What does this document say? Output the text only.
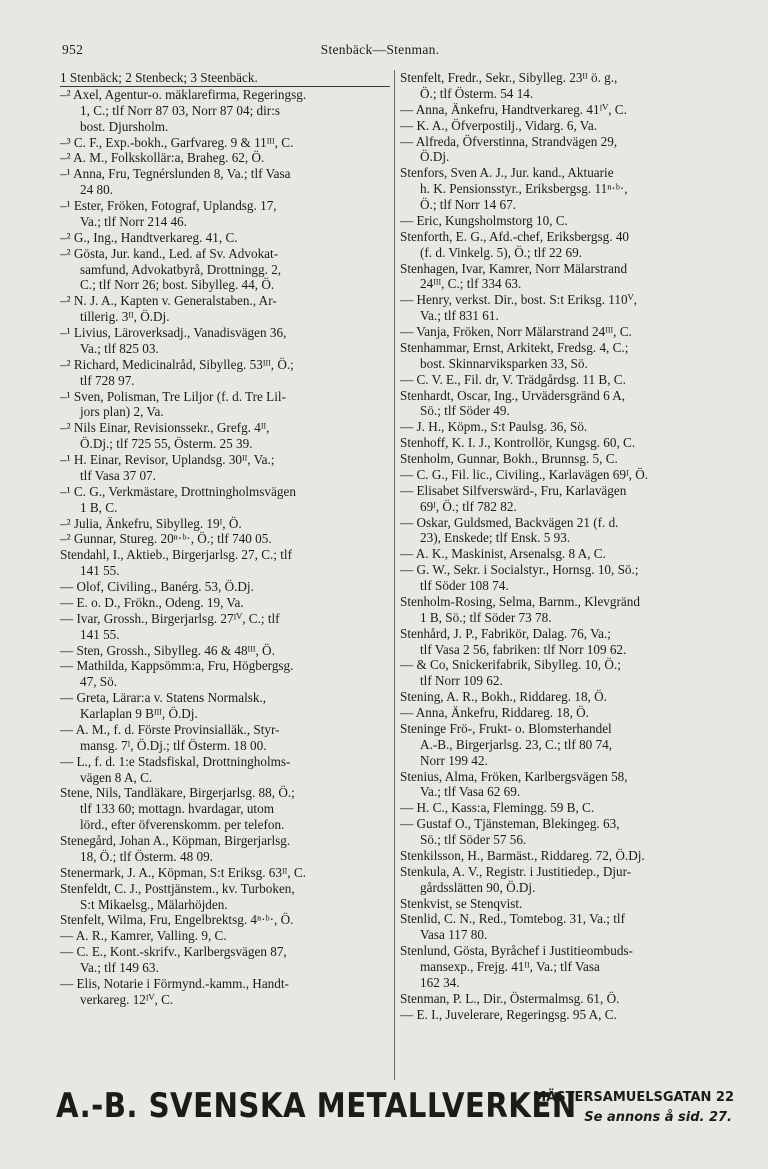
952	Stenbäck—Stenman.
1 Stenbäck; 2 Stenbeck; 3 Steenbäck.
–² Axel, Agentur-o. mäklarefirma, Regeringsg.
1, C.; tlf Norr 87 03, Norr 87 04; dir:s
bost. Djursholm.
–³ C. F., Exp.-bokh., Garfvareg. 9 & 11ᴵᴵᴵ, C.
–² A. M., Folkskollär:a, Braheg. 62, Ö.
–¹ Anna, Fru, Tegnérslunden 8, Va.; tlf Vasa
24 80.
–¹ Ester, Fröken, Fotograf, Uplandsg. 17,
Va.; tlf Norr 214 46.
–² G., Ing., Handtverkareg. 41, C.
–² Gösta, Jur. kand., Led. af Sv. Advokat-
samfund, Advokatbyrå, Drottningg. 2,
C.; tlf Norr 26; bost. Sibylleg. 44, Ö.
–² N. J. A., Kapten v. Generalstaben., Ar-
tillerig. 3ᴵᴵ, Ö.Dj.
–¹ Livius, Läroverksadj., Vanadisvägen 36,
Va.; tlf 825 03.
–² Richard, Medicinalråd, Sibylleg. 53ᴵᴵᴵ, Ö.;
tlf 728 97.
–¹ Sven, Polisman, Tre Liljor (f. d. Tre Lil-
jors plan) 2, Va.
–² Nils Einar, Revisionssekr., Grefg. 4ᴵᴵ,
Ö.Dj.; tlf 725 55, Österm. 25 39.
–¹ H. Einar, Revisor, Uplandsg. 30ᴵᴵ, Va.;
tlf Vasa 37 07.
–¹ C. G., Verkmästare, Drottningholmsvägen
1 B, C.
–² Julia, Änkefru, Sibylleg. 19ᴵ, Ö.
–² Gunnar, Stureg. 20ⁿ·ᵇ·, Ö.; tlf 740 05.
Stendahl, I., Aktieb., Birgerjarlsg. 27, C.; tlf
141 55.
— Olof, Civiling., Banérg. 53, Ö.Dj.
— E. o. D., Frökn., Odeng. 19, Va.
— Ivar, Grossh., Birgerjarlsg. 27ᴵⱽ, C.; tlf
141 55.
— Sten, Grossh., Sibylleg. 46 & 48ᴵᴵᴵ, Ö.
— Mathilda, Kappsömm:a, Fru, Högbergsg.
47, Sö.
— Greta, Lärar:a v. Statens Normalsk.,
Karlaplan 9 Bᴵᴵᴵ, Ö.Dj.
— A. M., f. d. Förste Provinsialläk., Styr-
mansg. 7ᴵ, Ö.Dj.; tlf Österm. 18 00.
— L., f. d. 1:e Stadsfiskal, Drottningholms-
vägen 8 A, C.
Stene, Nils, Tandläkare, Birgerjarlsg. 88, Ö.;
tlf 133 60; mottagn. hvardagar, utom
lörd., efter öfverenskomm. per telefon.
Stenegård, Johan A., Köpman, Birgerjarlsg.
18, Ö.; tlf Österm. 48 09.
Stenermark, J. A., Köpman, S:t Eriksg. 63ᴵᴵ, C.
Stenfeldt, C. J., Posttjänstem., kv. Turboken,
S:t Mikaelsg., Mälarhöjden.
Stenfelt, Wilma, Fru, Engelbrektsg. 4ⁿ·ᵇ·, Ö.
— A. R., Kamrer, Valling. 9, C.
— C. E., Kont.-skrifv., Karlbergsvägen 87,
Va.; tlf 149 63.
— Elis, Notarie i Förmynd.-kamm., Handt-
verkareg. 12ᴵⱽ, C.
Stenfelt, Fredr., Sekr., Sibylleg. 23ᴵᴵ ö. g.,
Ö.; tlf Österm. 54 14.
— Anna, Änkefru, Handtverkareg. 41ᴵⱽ, C.
— K. A., Öfverpostilj., Vidarg. 6, Va.
— Alfreda, Öfverstinna, Strandvägen 29,
Ö.Dj.
Stenfors, Sven A. J., Jur. kand., Aktuarie
h. K. Pensionsstyr., Eriksbergsg. 11ⁿ·ᵇ·,
Ö.; tlf Norr 14 67.
— Eric, Kungsholmstorg 10, C.
Stenforth, E. G., Afd.-chef, Eriksbergsg. 40
(f. d. Vinkelg. 5), Ö.; tlf 22 69.
Stenhagen, Ivar, Kamrer, Norr Mälarstrand
24ᴵᴵᴵ, C.; tlf 334 63.
— Henry, verkst. Dir., bost. S:t Eriksg. 110ⱽ,
Va.; tlf 831 61.
— Vanja, Fröken, Norr Mälarstrand 24ᴵᴵᴵ, C.
Stenhammar, Ernst, Arkitekt, Fredsg. 4, C.;
bost. Skinnarviksparken 33, Sö.
— C. V. E., Fil. dr, V. Trädgårdsg. 11 B, C.
Stenhardt, Oscar, Ing., Urvädersgränd 6 A,
Sö.; tlf Söder 49.
— J. H., Köpm., S:t Paulsg. 36, Sö.
Stenhoff, K. I. J., Kontrollör, Kungsg. 60, C.
Stenholm, Gunnar, Bokh., Brunnsg. 5, C.
— C. G., Fil. lic., Civiling., Karlavägen 69ᴵ, Ö.
— Elisabet Silfverswärd-, Fru, Karlavägen
69ᴵ, Ö.; tlf 782 82.
— Oskar, Guldsmed, Backvägen 21 (f. d.
23), Enskede; tlf Ensk. 5 93.
— A. K., Maskinist, Arsenalsg. 8 A, C.
— G. W., Sekr. i Socialstyr., Hornsg. 10, Sö.;
tlf Söder 108 74.
Stenholm-Rosing, Selma, Barnm., Klevgränd
1 B, Sö.; tlf Söder 73 78.
Stenhård, J. P., Fabrikör, Dalag. 76, Va.;
tlf Vasa 2 56, fabriken: tlf Norr 109 62.
— & Co, Snickerifabrik, Sibylleg. 10, Ö.;
tlf Norr 109 62.
Stening, A. R., Bokh., Riddareg. 18, Ö.
— Anna, Änkefru, Riddareg. 18, Ö.
Steninge Frö-, Frukt- o. Blomsterhandel
A.-B., Birgerjarlsg. 23, C.; tlf 80 74,
Norr 199 42.
Stenius, Alma, Fröken, Karlbergsvägen 58,
Va.; tlf Vasa 62 69.
— H. C., Kass:a, Flemingg. 59 B, C.
— Gustaf O., Tjänsteman, Blekingeg. 63,
Sö.; tlf Söder 57 56.
Stenkilsson, H., Barmäst., Riddareg. 72, Ö.Dj.
Stenkula, A. V., Registr. i Justitiedep., Djur-
gårdsslätten 90, Ö.Dj.
Stenkvist, se Stenqvist.
Stenlid, C. N., Red., Tomtebog. 31, Va.; tlf
Vasa 117 80.
Stenlund, Gösta, Byråchef i Justitieombuds-
mansexp., Frejg. 41ᴵᴵ, Va.; tlf Vasa
162 34.
Stenman, P. L., Dir., Östermalmsg. 61, Ö.
— E. I., Juvelerare, Regeringsg. 95 A, C.
A.-B. SVENSKA METALLVERKEN
MÄSTERSAMUELSGATAN 22
Se annons å sid. 27.
